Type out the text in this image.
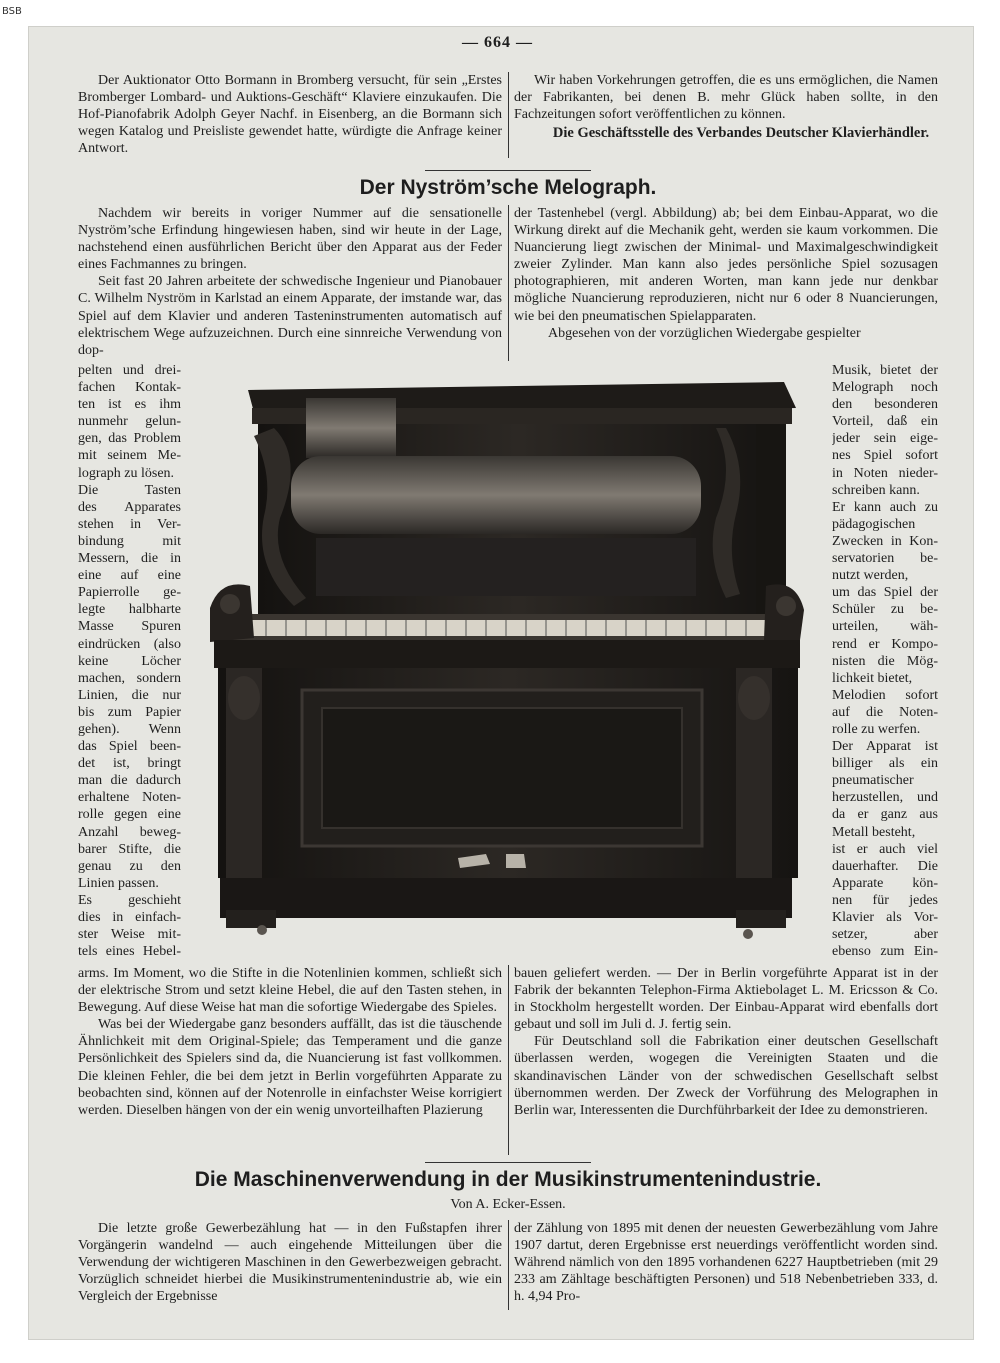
BSB
— 664 —

Der Auktionator Otto Bormann in Bromberg versucht, für sein „Erstes Bromberger Lombard- und Auktions-Geschäft“ Klaviere einzukaufen. Die Hof-Pianofabrik Adolph Geyer Nachf. in Eisenberg, an die Bormann sich wegen Katalog und Preisliste gewendet hatte, würdigte die Anfrage keiner Antwort.

Wir haben Vorkehrungen getroffen, die es uns ermöglichen, die Namen der Fabrikanten, bei denen B. mehr Glück haben sollte, in den Fachzeitungen sofort veröffentlichen zu können.

Die Geschäftsstelle des Verbandes Deutscher Klavierhändler.
Der Nyström’sche Melograph.

Nachdem wir bereits in voriger Nummer auf die sensationelle Nyström’sche Erfindung hingewiesen haben, sind wir heute in der Lage, nachstehend einen ausführlichen Bericht über den Apparat aus der Feder eines Fachmannes zu bringen.

Seit fast 20 Jahren arbeitete der schwedische Ingenieur und Pianobauer C. Wilhelm Nyström in Karlstad an einem Apparate, der imstande war, das Spiel auf dem Klavier und anderen Tasteninstrumenten automatisch auf elektrischem Wege aufzuzeichnen. Durch eine sinnreiche Verwendung von dop-

der Tastenhebel (vergl. Abbildung) ab; bei dem Einbau-Apparat, wo die Wirkung direkt auf die Mechanik geht, werden sie kaum vorkommen. Die Nuancierung liegt zwischen der Minimal- und Maximalgeschwindigkeit zweier Zylinder. Man kann also jedes persönliche Spiel sozusagen photographieren, mit anderen Worten, man kann jede nur denkbar mögliche Nuancierung reproduzieren, nicht nur 6 oder 8 Nuancierungen, wie bei den pneumatischen Spielapparaten.

Abgesehen von der vorzüglichen Wiedergabe gespielter

pelten und drei-
fachen Kontak-
ten ist es ihm
nunmehr gelun-
gen, das Problem
mit seinem Me-
lograph zu lösen.
Die Tasten
des Apparates
stehen in Ver-
bindung mit
Messern, die in
eine auf eine
Papierrolle ge-
legte halbharte
Masse Spuren
eindrücken (also
keine Löcher
machen, sondern
Linien, die nur
bis zum Papier
gehen). Wenn
das Spiel been-
det ist, bringt
man die dadurch
erhaltene Noten-
rolle gegen eine
Anzahl beweg-
barer Stifte, die
genau zu den
Linien passen.
Es geschieht
dies in einfach-
ster Weise mit-
tels eines Hebel-
Musik, bietet der
Melograph noch
den besonderen
Vorteil, daß ein
jeder sein eige-
nes Spiel sofort
in Noten nieder-
schreiben kann.
Er kann auch zu
pädagogischen
Zwecken in Kon-
servatorien be-
nutzt werden,
um das Spiel der
Schüler zu be-
urteilen, wäh-
rend er Kompo-
nisten die Mög-
lichkeit bietet,
Melodien sofort
auf die Noten-
rolle zu werfen.
Der Apparat ist
billiger als ein
pneumatischer
herzustellen, und
da er ganz aus
Metall besteht,
ist er auch viel
dauerhafter. Die
Apparate kön-
nen für jedes
Klavier als Vor-
setzer, aber
ebenso zum Ein-

arms. Im Moment, wo die Stifte in die Notenlinien kommen, schließt sich der elektrische Strom und setzt kleine Hebel, die auf den Tasten stehen, in Bewegung. Auf diese Weise hat man die sofortige Wiedergabe des Spieles.

Was bei der Wiedergabe ganz besonders auffällt, das ist die täuschende Ähnlichkeit mit dem Original-Spiele; das Temperament und die ganze Persönlichkeit des Spielers sind da, die Nuancierung ist fast vollkommen. Die kleinen Fehler, die bei dem jetzt in Berlin vorgeführten Apparate zu beobachten sind, können auf der Notenrolle in einfachster Weise korrigiert werden. Dieselben hängen von der ein wenig unvorteilhaften Plazierung

bauen geliefert werden. — Der in Berlin vorgeführte Apparat ist in der Fabrik der bekannten Telephon-Firma Aktiebolaget L. M. Ericsson & Co. in Stockholm hergestellt worden. Der Einbau-Apparat wird ebenfalls dort gebaut und soll im Juli d. J. fertig sein.

Für Deutschland soll die Fabrikation einer deutschen Gesellschaft überlassen werden, wogegen die Vereinigten Staaten und die skandinavischen Länder von der schwedischen Gesellschaft selbst übernommen werden. Der Zweck der Vorführung des Melographen in Berlin war, Interessenten die Durchführbarkeit der Idee zu demonstrieren.

Die Maschinenverwendung in der Musikinstrumentenindustrie.
Von A. Ecker-Essen.

Die letzte große Gewerbezählung hat — in den Fußstapfen ihrer Vorgängerin wandelnd — auch eingehende Mitteilungen über die Verwendung der wichtigeren Maschinen in den Gewerbezweigen gebracht. Vorzüglich schneidet hierbei die Musikinstrumentenindustrie ab, wie ein Vergleich der Ergebnisse

der Zählung von 1895 mit denen der neuesten Gewerbezählung vom Jahre 1907 dartut, deren Ergebnisse erst neuerdings veröffentlicht worden sind. Während nämlich von den 1895 vorhandenen 6227 Hauptbetrieben (mit 29 233 am Zähltage beschäftigten Personen) und 518 Nebenbetrieben 333, d. h. 4,94 Pro-
